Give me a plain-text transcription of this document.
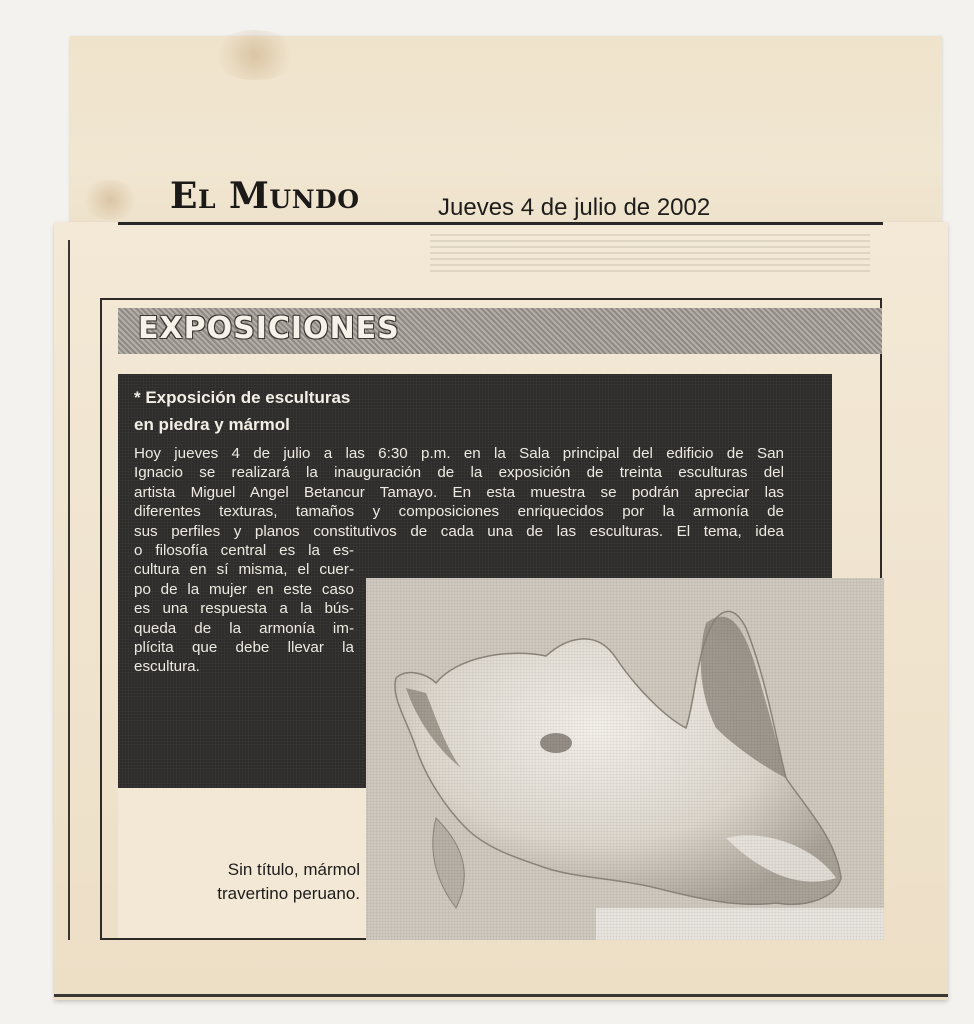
El Mundo	Jueves 4 de julio de 2002
EXPOSICIONES
* Exposición de esculturas
en piedra y mármol
Hoy jueves 4 de julio a las 6:30 p.m. en la Sala principal del edificio de San
Ignacio se realizará la inauguración de la exposición de treinta esculturas del
artista Miguel Angel Betancur Tamayo. En esta muestra se podrán apreciar las
diferentes texturas, tamaños y composiciones enriquecidos por la armonía de
sus perfiles y planos constitutivos de cada una de las esculturas. El tema, idea
o filosofía central es la es-
cultura en sí misma, el cuer-
po de la mujer en este caso
es una respuesta a la bús-
queda de la armonía im-
plícita que debe llevar la
escultura.
Sin título, mármol
travertino peruano.
